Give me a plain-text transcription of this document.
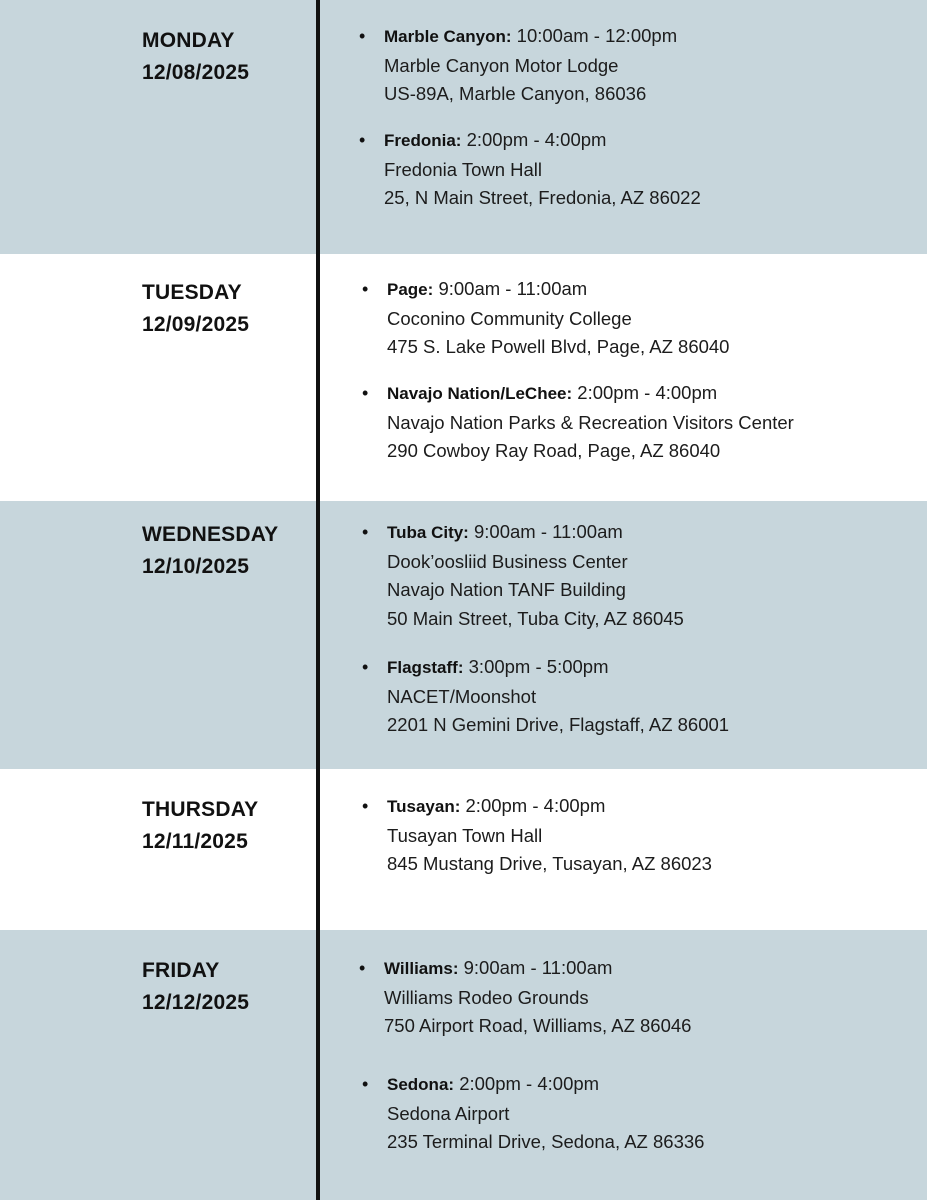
MONDAY
12/08/2025
• Marble Canyon: 10:00am - 12:00pm
Marble Canyon Motor Lodge
US-89A, Marble Canyon, 86036
• Fredonia: 2:00pm - 4:00pm
Fredonia Town Hall
25, N Main Street, Fredonia, AZ 86022
TUESDAY
12/09/2025
• Page: 9:00am - 11:00am
Coconino Community College
475 S. Lake Powell Blvd, Page, AZ 86040
• Navajo Nation/LeChee: 2:00pm - 4:00pm
Navajo Nation Parks & Recreation Visitors Center
290 Cowboy Ray Road, Page, AZ 86040
WEDNESDAY
12/10/2025
• Tuba City: 9:00am - 11:00am
Dook’oosliid Business Center
Navajo Nation TANF Building
50 Main Street, Tuba City, AZ 86045
• Flagstaff: 3:00pm - 5:00pm
NACET/Moonshot
2201 N Gemini Drive, Flagstaff, AZ 86001
THURSDAY
12/11/2025
• Tusayan: 2:00pm - 4:00pm
Tusayan Town Hall
845 Mustang Drive, Tusayan, AZ 86023
FRIDAY
12/12/2025
• Williams: 9:00am - 11:00am
Williams Rodeo Grounds
750 Airport Road, Williams, AZ 86046
• Sedona: 2:00pm - 4:00pm
Sedona Airport
235 Terminal Drive, Sedona, AZ 86336
